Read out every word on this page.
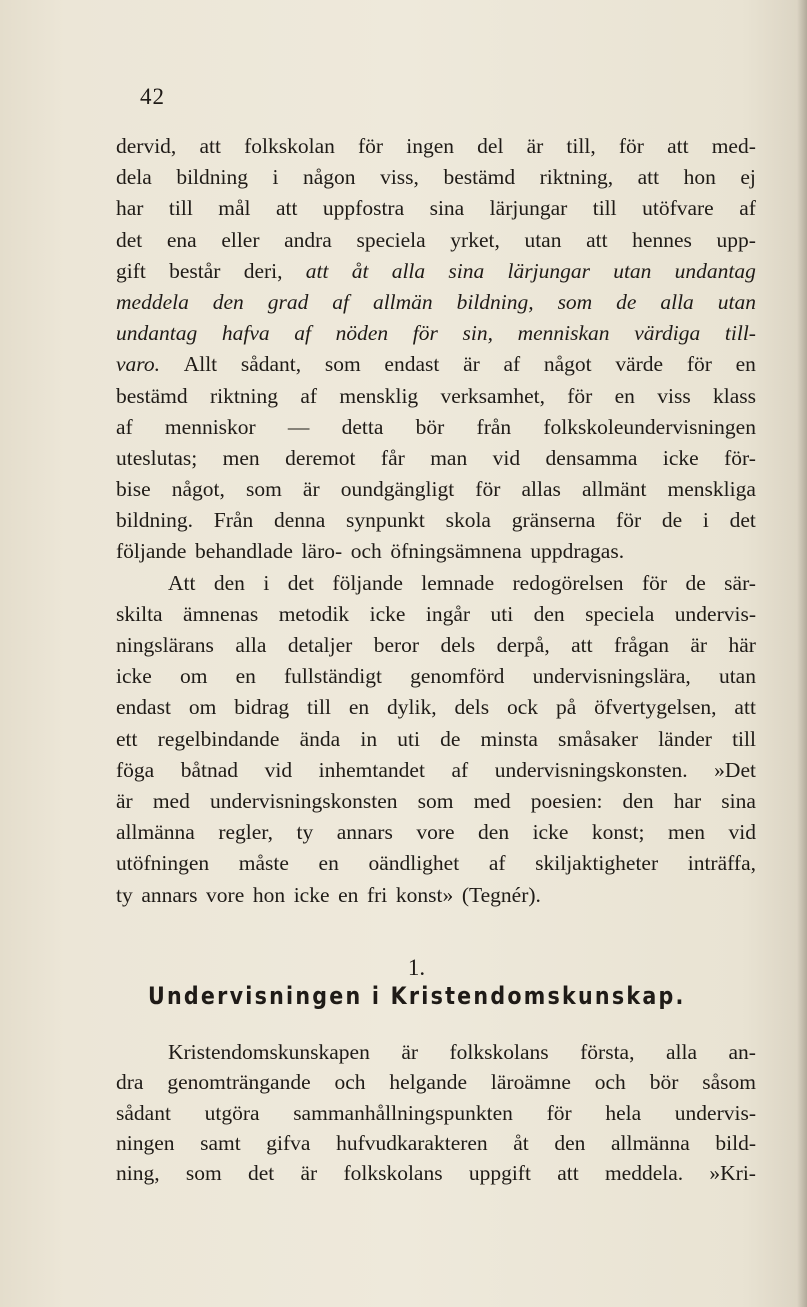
42
dervid, att folkskolan för ingen del är till, för att med-
dela bildning i någon viss, bestämd riktning, att hon ej
har till mål att uppfostra sina lärjungar till utöfvare af
det ena eller andra speciela yrket, utan att hennes upp-
gift består deri, att åt alla sina lärjungar utan undantag
meddela den grad af allmän bildning, som de alla utan
undantag hafva af nöden för sin, menniskan värdiga till-
varo. Allt sådant, som endast är af något värde för en
bestämd riktning af mensklig verksamhet, för en viss klass
af menniskor — detta bör från folkskoleundervisningen
uteslutas; men deremot får man vid densamma icke för-
bise något, som är oundgängligt för allas allmänt menskliga
bildning. Från denna synpunkt skola gränserna för de i det
följande behandlade läro- och öfningsämnena uppdragas.
Att den i det följande lemnade redogörelsen för de sär-
skilta ämnenas metodik icke ingår uti den speciela undervis-
ningslärans alla detaljer beror dels derpå, att frågan är här
icke om en fullständigt genomförd undervisningslära, utan
endast om bidrag till en dylik, dels ock på öfvertygelsen, att
ett regelbindande ända in uti de minsta småsaker länder till
föga båtnad vid inhemtandet af undervisningskonsten. »Det
är med undervisningskonsten som med poesien: den har sina
allmänna regler, ty annars vore den icke konst; men vid
utöfningen måste en oändlighet af skiljaktigheter inträffa,
ty annars vore hon icke en fri konst» (Tegnér).
1.
Undervisningen i Kristendomskunskap.
Kristendomskunskapen är folkskolans första, alla an-
dra genomträngande och helgande läroämne och bör såsom
sådant utgöra sammanhållningspunkten för hela undervis-
ningen samt gifva hufvudkarakteren åt den allmänna bild-
ning, som det är folkskolans uppgift att meddela. »Kri-
